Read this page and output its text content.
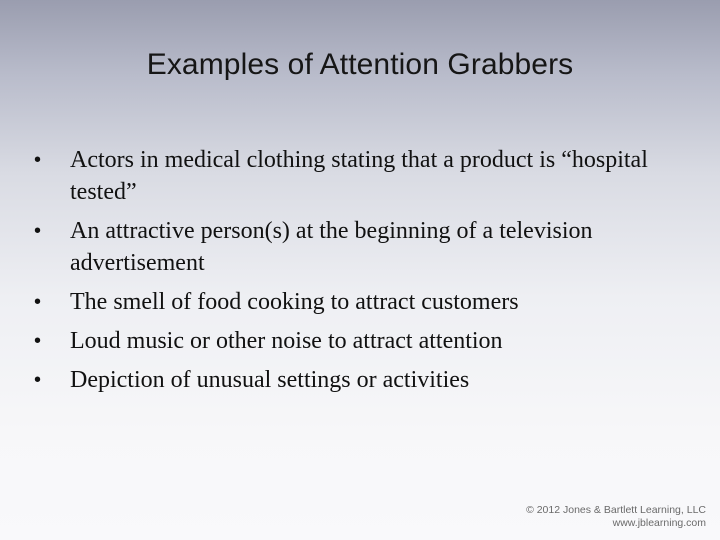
Examples of Attention Grabbers
•	Actors in medical clothing stating that a product is “hospital tested”
•	An attractive person(s) at the beginning of a television advertisement
•	The smell of food cooking to attract customers
•	Loud music or other noise to attract attention
•	Depiction of unusual settings or activities
© 2012 Jones & Bartlett Learning, LLC
www.jblearning.com
